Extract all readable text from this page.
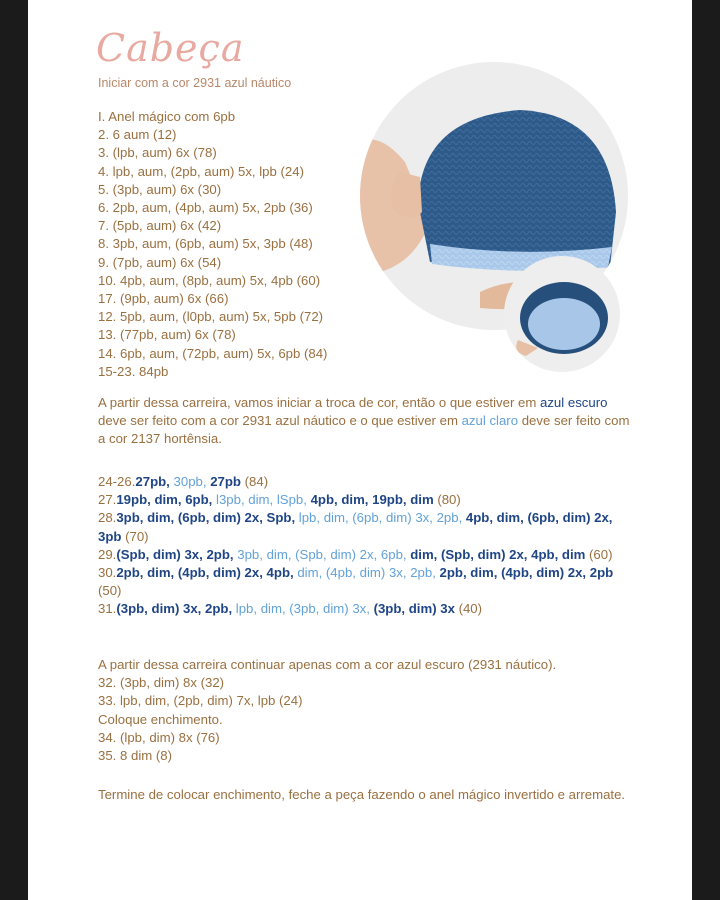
Cabeça
Iniciar com a cor 2931 azul náutico
I. Anel mágico com 6pb
2. 6 aum (12)
3. (lpb, aum) 6x (78)
4. lpb, aum, (2pb, aum) 5x, lpb (24)
5. (3pb, aum) 6x (30)
6. 2pb, aum, (4pb, aum) 5x, 2pb (36)
7. (5pb, aum) 6x (42)
8. 3pb, aum, (6pb, aum) 5x, 3pb (48)
9. (7pb, aum) 6x (54)
10. 4pb, aum, (8pb, aum) 5x, 4pb (60)
17. (9pb, aum) 6x (66)
12. 5pb, aum, (l0pb, aum) 5x, 5pb (72)
13. (77pb, aum) 6x (78)
14. 6pb, aum, (72pb, aum) 5x, 6pb (84)
15-23. 84pb

A partir dessa carreira, vamos iniciar a troca de cor, então o que estiver em azul escuro deve ser feito com a cor 2931 azul náutico e o que estiver em azul claro deve ser feito com a cor 2137 hortênsia.

24-26.27pb, 30pb, 27pb (84)
27.19pb, dim, 6pb, l3pb, dim, lSpb, 4pb, dim, 19pb, dim (80)
28.3pb, dim, (6pb, dim) 2x, Spb, lpb, dim, (6pb, dim) 3x, 2pb, 4pb, dim, (6pb, dim) 2x, 3pb (70)
29.(Spb, dim) 3x, 2pb, 3pb, dim, (Spb, dim) 2x, 6pb, dim, (Spb, dim) 2x, 4pb, dim (60)
30.2pb, dim, (4pb, dim) 2x, 4pb, dim, (4pb, dim) 3x, 2pb, 2pb, dim, (4pb, dim) 2x, 2pb (50)
31.(3pb, dim) 3x, 2pb, lpb, dim, (3pb, dim) 3x, (3pb, dim) 3x (40)
A partir dessa carreira continuar apenas com a cor azul escuro (2931 náutico).
32. (3pb, dim) 8x (32)
33. lpb, dim, (2pb, dim) 7x, lpb (24)
Coloque enchimento.
34. (lpb, dim) 8x (76)
35. 8 dim (8)

Termine de colocar enchimento, feche a peça fazendo o anel mágico invertido e arremate.
